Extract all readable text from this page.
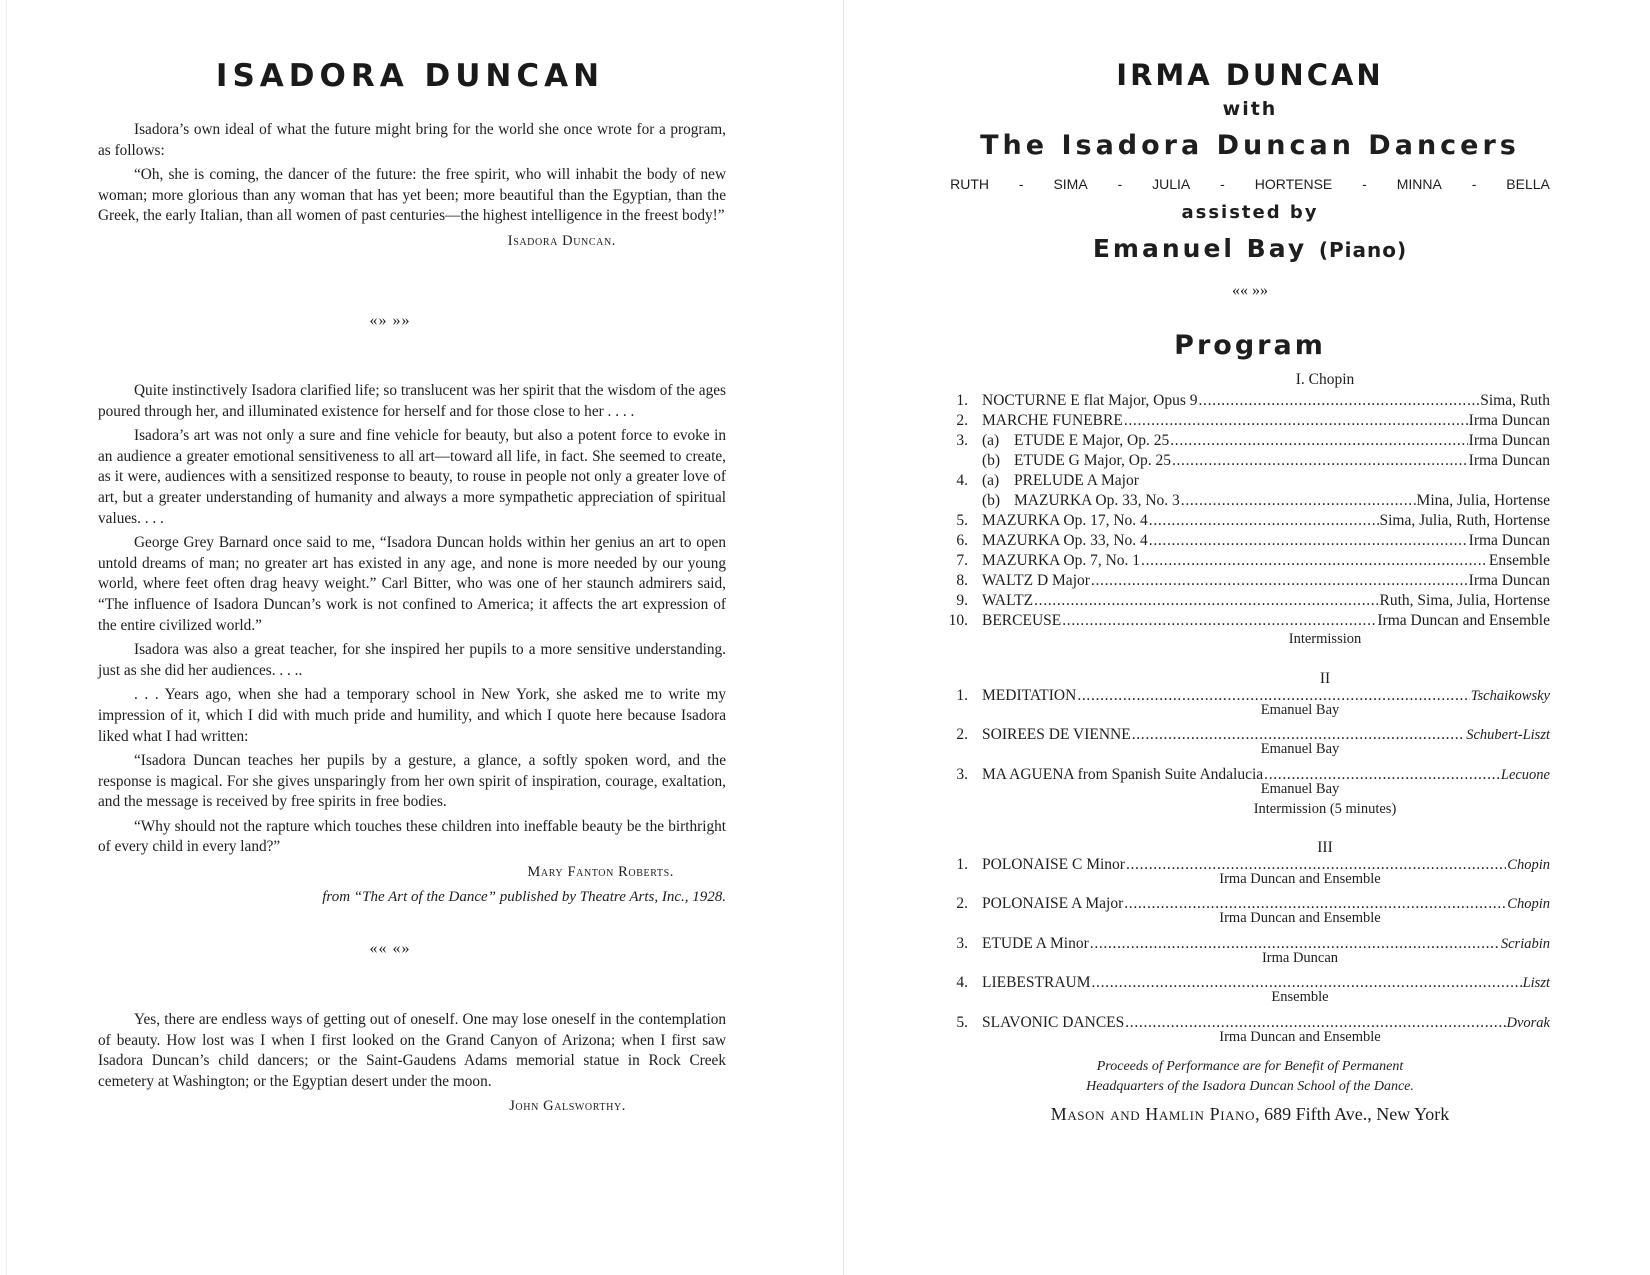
ISADORA DUNCAN

Isadora’s own ideal of what the future might bring for the world she once wrote for a program, as follows:

“Oh, she is coming, the dancer of the future: the free spirit, who will inhabit the body of new woman; more glorious than any woman that has yet been; more beautiful than the Egyptian, than the Greek, the early Italian, than all women of past centuries—the highest intelligence in the freest body!”

Isadora Duncan.

«» »»

Quite instinctively Isadora clarified life; so translucent was her spirit that the wisdom of the ages poured through her, and illuminated existence for herself and for those close to her . . . .

Isadora’s art was not only a sure and fine vehicle for beauty, but also a potent force to evoke in an audience a greater emotional sensitiveness to all art—toward all life, in fact. She seemed to create, as it were, audiences with a sensitized response to beauty, to rouse in people not only a greater love of art, but a greater understanding of humanity and always a more sympathetic appreciation of spiritual values. . . .

George Grey Barnard once said to me, “Isadora Duncan holds within her genius an art to open untold dreams of man; no greater art has existed in any age, and none is more needed by our young world, where feet often drag heavy weight.” Carl Bitter, who was one of her staunch admirers said, “The influence of Isadora Duncan’s work is not confined to America; it affects the art expression of the entire civilized world.”

Isadora was also a great teacher, for she inspired her pupils to a more sensitive understanding. just as she did her audiences. . . ..

. . . Years ago, when she had a temporary school in New York, she asked me to write my impression of it, which I did with much pride and humility, and which I quote here because Isadora liked what I had written:

“Isadora Duncan teaches her pupils by a gesture, a glance, a softly spoken word, and the response is magical. For she gives unsparingly from her own spirit of inspiration, courage, exaltation, and the message is received by free spirits in free bodies.

“Why should not the rapture which touches these children into ineffable beauty be the birthright of every child in every land?”

Mary Fanton Roberts.

from “The Art of the Dance” published by Theatre Arts, Inc., 1928.

«« «»

Yes, there are endless ways of getting out of oneself. One may lose oneself in the contemplation of beauty. How lost was I when I first looked on the Grand Canyon of Arizona; when I first saw Isadora Duncan’s child dancers; or the Saint-Gaudens Adams memorial statue in Rock Creek cemetery at Washington; or the Egyptian desert under the moon.

John Galsworthy.

IRMA DUNCAN
with
The Isadora Duncan Dancers
RUTH - SIMA - JULIA - HORTENSE - MINNA - BELLA
assisted by
Emanuel Bay (Piano)
«« »»
Program
I. Chopin
1. NOCTURNE E flat Major, Opus 9 . . .	Sima, Ruth
2. MARCHE FUNEBRE . . .	Irma Duncan
3. (a) ETUDE E Major, Op. 25 . . .	Irma Duncan
(b) ETUDE G Major, Op. 25 . . .	Irma Duncan
4. (a) PRELUDE A Major
(b) MAZURKA Op. 33, No. 3 . . .	Mina, Julia, Hortense
5. MAZURKA Op. 17, No. 4 . . .	Sima, Julia, Ruth, Hortense
6. MAZURKA Op. 33, No. 4 . . .	Irma Duncan
7. MAZURKA Op. 7, No. 1 . . .	Ensemble
8. WALTZ D Major . . .	Irma Duncan
9. WALTZ . . .	Ruth, Sima, Julia, Hortense
10. BERCEUSE . . .	Irma Duncan and Ensemble
Intermission
II
1. MEDITATION . . .	Tschaikowsky
Emanuel Bay
2. SOIREES DE VIENNE . . .	Schubert-Liszt
Emanuel Bay
3. MA AGUENA from Spanish Suite Andalucia . . .	Lecuone
Emanuel Bay
Intermission (5 minutes)
III
1. POLONAISE C Minor . . .	Chopin
Irma Duncan and Ensemble
2. POLONAISE A Major . . .	Chopin
Irma Duncan and Ensemble
3. ETUDE A Minor . . .	Scriabin
Irma Duncan
4. LIEBESTRAUM . . .	Liszt
Ensemble
5. SLAVONIC DANCES . . .	Dvorak
Irma Duncan and Ensemble
Proceeds of Performance are for Benefit of Permanent
Headquarters of the Isadora Duncan School of the Dance.
Mason and Hamlin Piano, 689 Fifth Ave., New York
